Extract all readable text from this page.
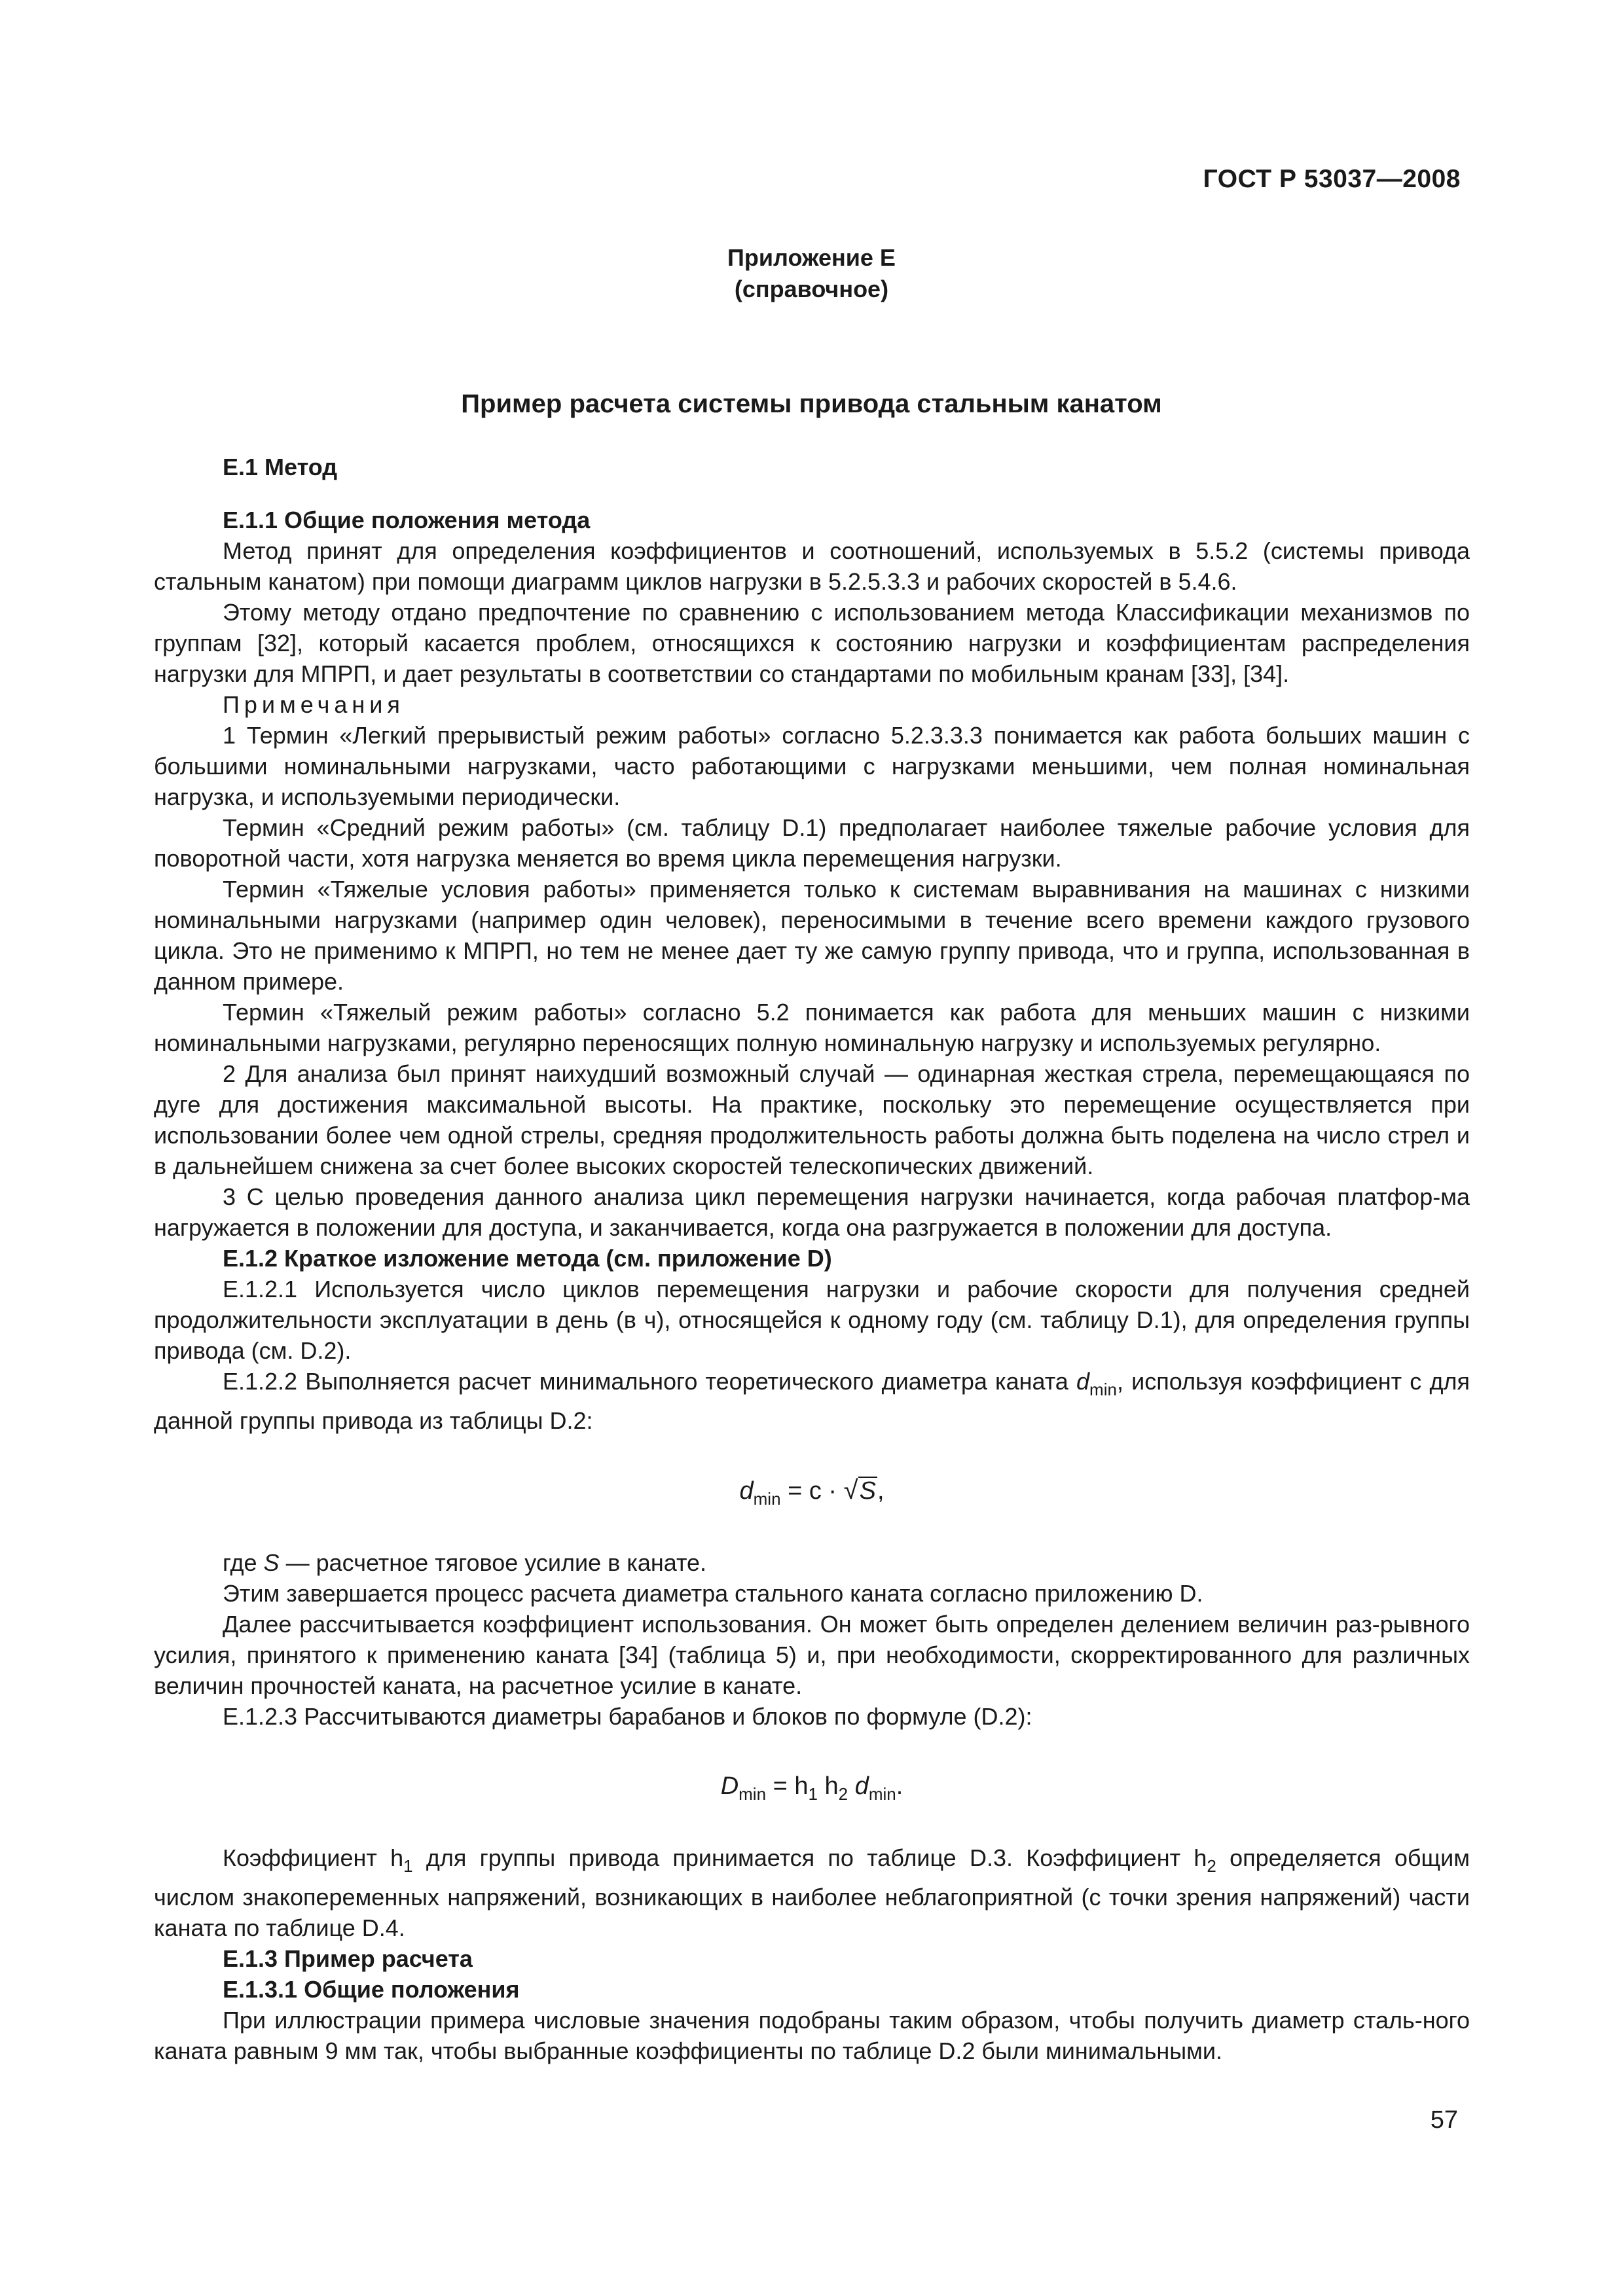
ГОСТ Р 53037—2008
Приложение Е
(справочное)
Пример расчета системы привода стальным канатом
Е.1 Метод
Е.1.1 Общие положения метода

Метод принят для определения коэффициентов и соотношений, используемых в 5.5.2 (системы привода стальным канатом) при помощи диаграмм циклов нагрузки в 5.2.5.3.3 и рабочих скоростей в 5.4.6.

Этому методу отдано предпочтение по сравнению с использованием метода Классификации механизмов по группам [32], который касается проблем, относящихся к состоянию нагрузки и коэффициентам распределения нагрузки для МПРП, и дает результаты в соответствии со стандартами по мобильным кранам [33], [34].

Примечания

1 Термин «Легкий прерывистый режим работы» согласно 5.2.3.3.3 понимается как работа больших машин с большими номинальными нагрузками, часто работающими с нагрузками меньшими, чем полная номинальная нагрузка, и используемыми периодически.

Термин «Средний режим работы» (см. таблицу D.1) предполагает наиболее тяжелые рабочие условия для поворотной части, хотя нагрузка меняется во время цикла перемещения нагрузки.

Термин «Тяжелые условия работы» применяется только к системам выравнивания на машинах с низкими номинальными нагрузками (например один человек), переносимыми в течение всего времени каждого грузового цикла. Это не применимо к МПРП, но тем не менее дает ту же самую группу привода, что и группа, использованная в данном примере.

Термин «Тяжелый режим работы» согласно 5.2 понимается как работа для меньших машин с низкими номинальными нагрузками, регулярно переносящих полную номинальную нагрузку и используемых регулярно.

2 Для анализа был принят наихудший возможный случай — одинарная жесткая стрела, перемещающаяся по дуге для достижения максимальной высоты. На практике, поскольку это перемещение осуществляется при использовании более чем одной стрелы, средняя продолжительность работы должна быть поделена на число стрел и в дальнейшем снижена за счет более высоких скоростей телескопических движений.

3 С целью проведения данного анализа цикл перемещения нагрузки начинается, когда рабочая платфор-ма нагружается в положении для доступа, и заканчивается, когда она разгружается в положении для доступа.

Е.1.2 Краткое изложение метода (см. приложение D)

Е.1.2.1 Используется число циклов перемещения нагрузки и рабочие скорости для получения средней продолжительности эксплуатации в день (в ч), относящейся к одному году (см. таблицу D.1), для определения группы привода (см. D.2).

Е.1.2.2 Выполняется расчет минимального теоретического диаметра каната $d_{min}$, используя коэффициент с для данной группы привода из таблицы D.2:

$d_{min} = c \cdot √S$,

где S — расчетное тяговое усилие в канате.

Этим завершается процесс расчета диаметра стального каната согласно приложению D.

Далее рассчитывается коэффициент использования. Он может быть определен делением величин раз-рывного усилия, принятого к применению каната [34] (таблица 5) и, при необходимости, скорректированного для различных величин прочностей каната, на расчетное усилие в канате.

Е.1.2.3 Рассчитываются диаметры барабанов и блоков по формуле (D.2):

$D_{min} = h_1$ $h_2$ $d_{min}$.

Коэффициент $h_1$ для группы привода принимается по таблице D.3. Коэффициент $h_2$ определяется общим числом знакопеременных напряжений, возникающих в наиболее неблагоприятной (с точки зрения напряжений) части каната по таблице D.4.

Е.1.3 Пример расчета
Е.1.3.1 Общие положения

При иллюстрации примера числовые значения подобраны таким образом, чтобы получить диаметр сталь-ного каната равным 9 мм так, чтобы выбранные коэффициенты по таблице D.2 были минимальными.

57
